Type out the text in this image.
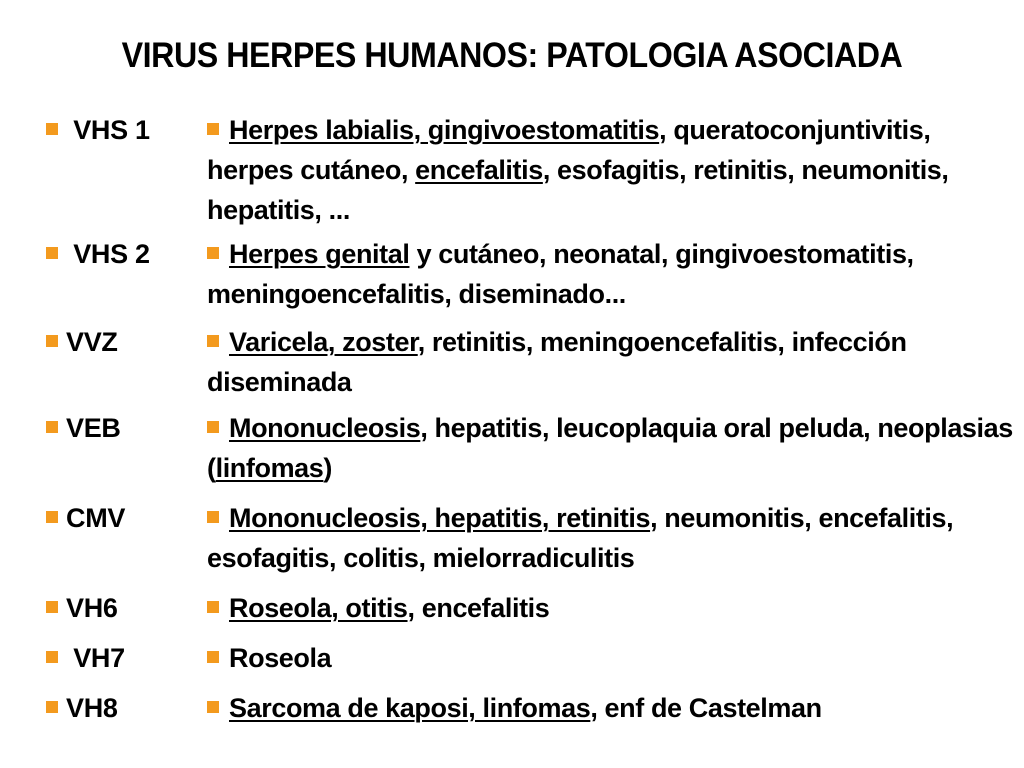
VIRUS HERPES HUMANOS: PATOLOGIA ASOCIADA
VHS 1	Herpes labialis, gingivoestomatitis, queratoconjuntivitis, herpes cutáneo, encefalitis, esofagitis, retinitis, neumonitis, hepatitis, ...
VHS 2	Herpes genital y cutáneo, neonatal, gingivoestomatitis, meningoencefalitis, diseminado...
VVZ	Varicela, zoster, retinitis, meningoencefalitis, infección diseminada
VEB	Mononucleosis, hepatitis, leucoplaquia oral peluda, neoplasias (linfomas)
CMV	Mononucleosis, hepatitis, retinitis, neumonitis, encefalitis, esofagitis, colitis, mielorradiculitis
VH6	Roseola, otitis, encefalitis
VH7	Roseola
VH8	Sarcoma de kaposi, linfomas, enf de Castelman
